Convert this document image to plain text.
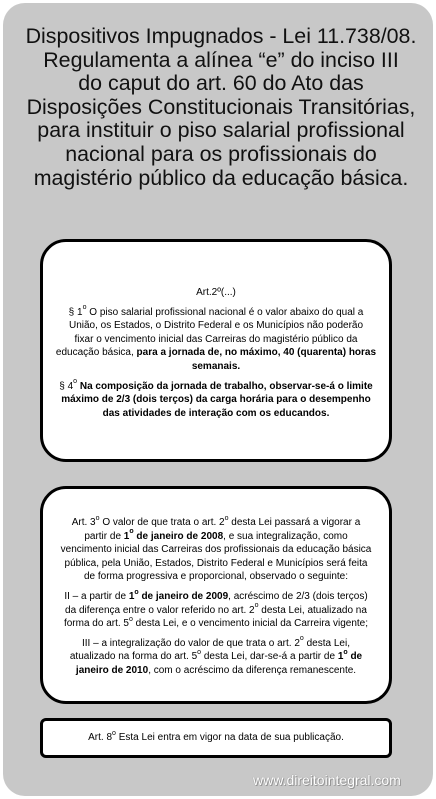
Dispositivos Impugnados - Lei 11.738/08.
Regulamenta a alínea “e” do inciso III
do caput do art. 60 do Ato das
Disposições Constitucionais Transitórias,
para instituir o piso salarial profissional
nacional para os profissionais do
magistério público da educação básica.
Art.2º(...)
§ 1$^o$ O piso salarial profissional nacional é o valor abaixo do qual a
União, os Estados, o Distrito Federal e os Municípios não poderão
fixar o vencimento inicial das Carreiras do magistério público da
educação básica, para a jornada de, no máximo, 40 (quarenta) horas
semanais.
§ 4$^o$ Na composição da jornada de trabalho, observar-se-á o limite
máximo de 2/3 (dois terços) da carga horária para o desempenho
das atividades de interação com os educandos.
Art. 3$^o$ O valor de que trata o art. 2$^o$ desta Lei passará a vigorar a
partir de 1$^o$ de janeiro de 2008, e sua integralização, como
vencimento inicial das Carreiras dos profissionais da educação básica
pública, pela União, Estados, Distrito Federal e Municípios será feita
de forma progressiva e proporcional, observado o seguinte:
II – a partir de 1$^o$ de janeiro de 2009, acréscimo de 2/3 (dois terços)
da diferença entre o valor referido no art. 2$^o$ desta Lei, atualizado na
forma do art. 5$^o$ desta Lei, e o vencimento inicial da Carreira vigente;
III – a integralização do valor de que trata o art. 2$^o$ desta Lei,
atualizado na forma do art. 5$^o$ desta Lei, dar-se-á a partir de 1$^o$ de
janeiro de 2010, com o acréscimo da diferença remanescente.
Art. 8$^o$ Esta Lei entra em vigor na data de sua publicação.
www.direitointegral.com
